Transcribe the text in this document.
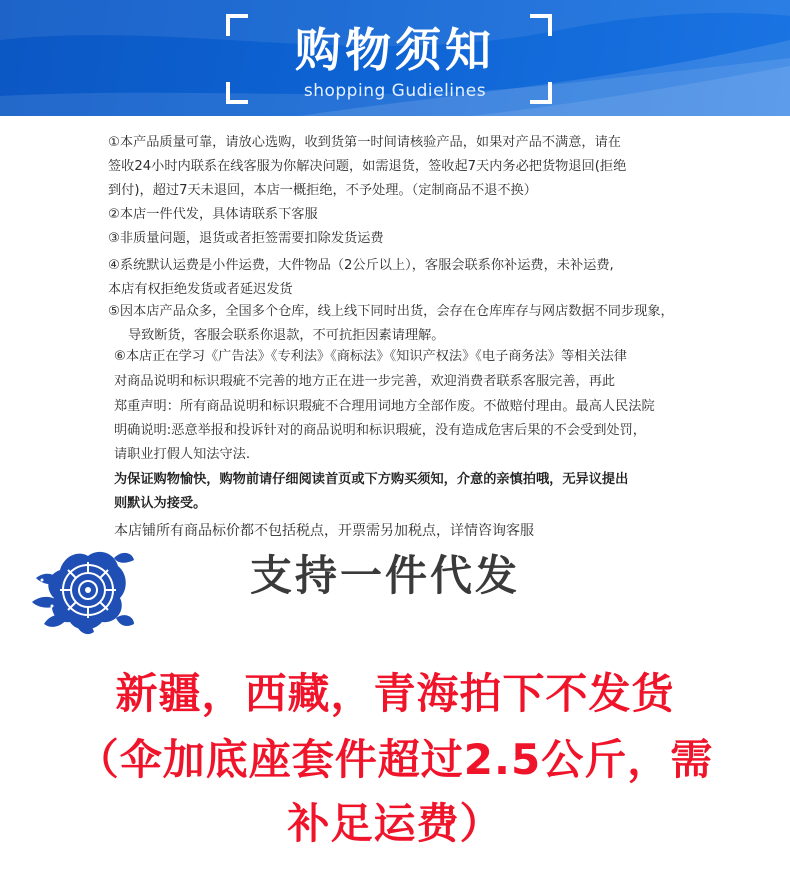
购物须知
shopping Gudielines
①本产品质量可靠，请放心选购，收到货第一时间请核验产品，如果对产品不满意，请在
签收24小时内联系在线客服为你解决问题，如需退货，签收起7天内务必把货物退回(拒绝
到付)，超过7天未退回，本店一概拒绝，不予处理。（定制商品不退不换）
②本店一件代发，具体请联系下客服
③非质量问题，退货或者拒签需要扣除发货运费
④系统默认运费是小件运费，大件物品（2公斤以上），客服会联系你补运费，未补运费,
本店有权拒绝发货或者延迟发货
⑤因本店产品众多，全国多个仓库，线上线下同时出货，会存在仓库库存与网店数据不同步现象，
导致断货，客服会联系你退款，不可抗拒因素请理解。
⑥本店正在学习《广告法》《专利法》《商标法》《知识产权法》《电子商务法》等相关法律
对商品说明和标识瑕疵不完善的地方正在进一步完善，欢迎消费者联系客服完善，再此
郑重声明：所有商品说明和标识瑕疵不合理用词地方全部作废。不做赔付理由。最高人民法院
明确说明:恶意举报和投诉针对的商品说明和标识瑕疵，没有造成危害后果的不会受到处罚，
请职业打假人知法守法.
为保证购物愉快，购物前请仔细阅读首页或下方购买须知，介意的亲慎拍哦，无异议提出
则默认为接受。
本店铺所有商品标价都不包括税点，开票需另加税点，详情咨询客服
支持一件代发
新疆，西藏，青海拍下不发货
（伞加底座套件超过2.5公斤，需
补足运费）
